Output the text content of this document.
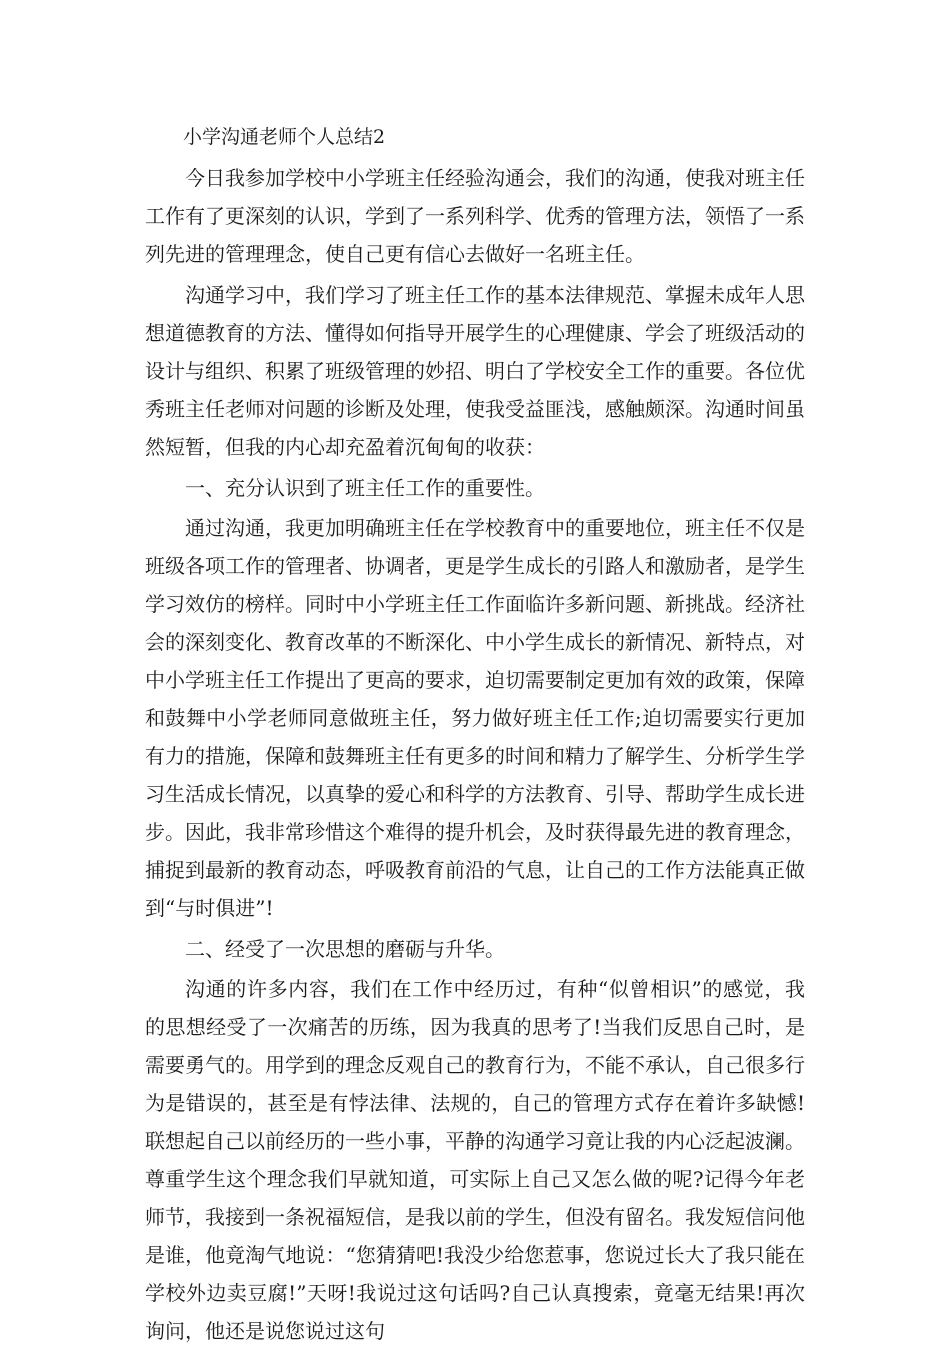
小学沟通老师个人总结2

今日我参加学校中小学班主任经验沟通会，我们的沟通，使我对班主任工作有了更深刻的认识，学到了一系列科学、优秀的管理方法，领悟了一系列先进的管理理念，使自己更有信心去做好一名班主任。

沟通学习中，我们学习了班主任工作的基本法律规范、掌握未成年人思想道德教育的方法、懂得如何指导开展学生的心理健康、学会了班级活动的设计与组织、积累了班级管理的妙招、明白了学校安全工作的重要。各位优秀班主任老师对问题的诊断及处理，使我受益匪浅，感触颇深。沟通时间虽然短暂，但我的内心却充盈着沉甸甸的收获：

一、充分认识到了班主任工作的重要性。

通过沟通，我更加明确班主任在学校教育中的重要地位，班主任不仅是班级各项工作的管理者、协调者，更是学生成长的引路人和激励者，是学生学习效仿的榜样。同时中小学班主任工作面临许多新问题、新挑战。经济社会的深刻变化、教育改革的不断深化、中小学生成长的新情况、新特点，对中小学班主任工作提出了更高的要求，迫切需要制定更加有效的政策，保障和鼓舞中小学老师同意做班主任，努力做好班主任工作;迫切需要实行更加有力的措施，保障和鼓舞班主任有更多的时间和精力了解学生、分析学生学习生活成长情况，以真挚的爱心和科学的方法教育、引导、帮助学生成长进步。因此，我非常珍惜这个难得的提升机会，及时获得最先进的教育理念，捕捉到最新的教育动态，呼吸教育前沿的气息，让自己的工作方法能真正做到“与时俱进”!

二、经受了一次思想的磨砺与升华。

沟通的许多内容，我们在工作中经历过，有种“似曾相识”的感觉，我的思想经受了一次痛苦的历练，因为我真的思考了!当我们反思自己时，是需要勇气的。用学到的理念反观自己的教育行为，不能不承认，自己很多行为是错误的，甚至是有悖法律、法规的，自己的管理方式存在着许多缺憾!联想起自己以前经历的一些小事，平静的沟通学习竟让我的内心泛起波澜。尊重学生这个理念我们早就知道，可实际上自己又怎么做的呢?记得今年老师节，我接到一条祝福短信，是我以前的学生，但没有留名。我发短信问他是谁，他竟淘气地说：“您猜猜吧!我没少给您惹事，您说过长大了我只能在学校外边卖豆腐!”天呀!我说过这句话吗?自己认真搜索，竟毫无结果!再次询问，他还是说您说过这句
